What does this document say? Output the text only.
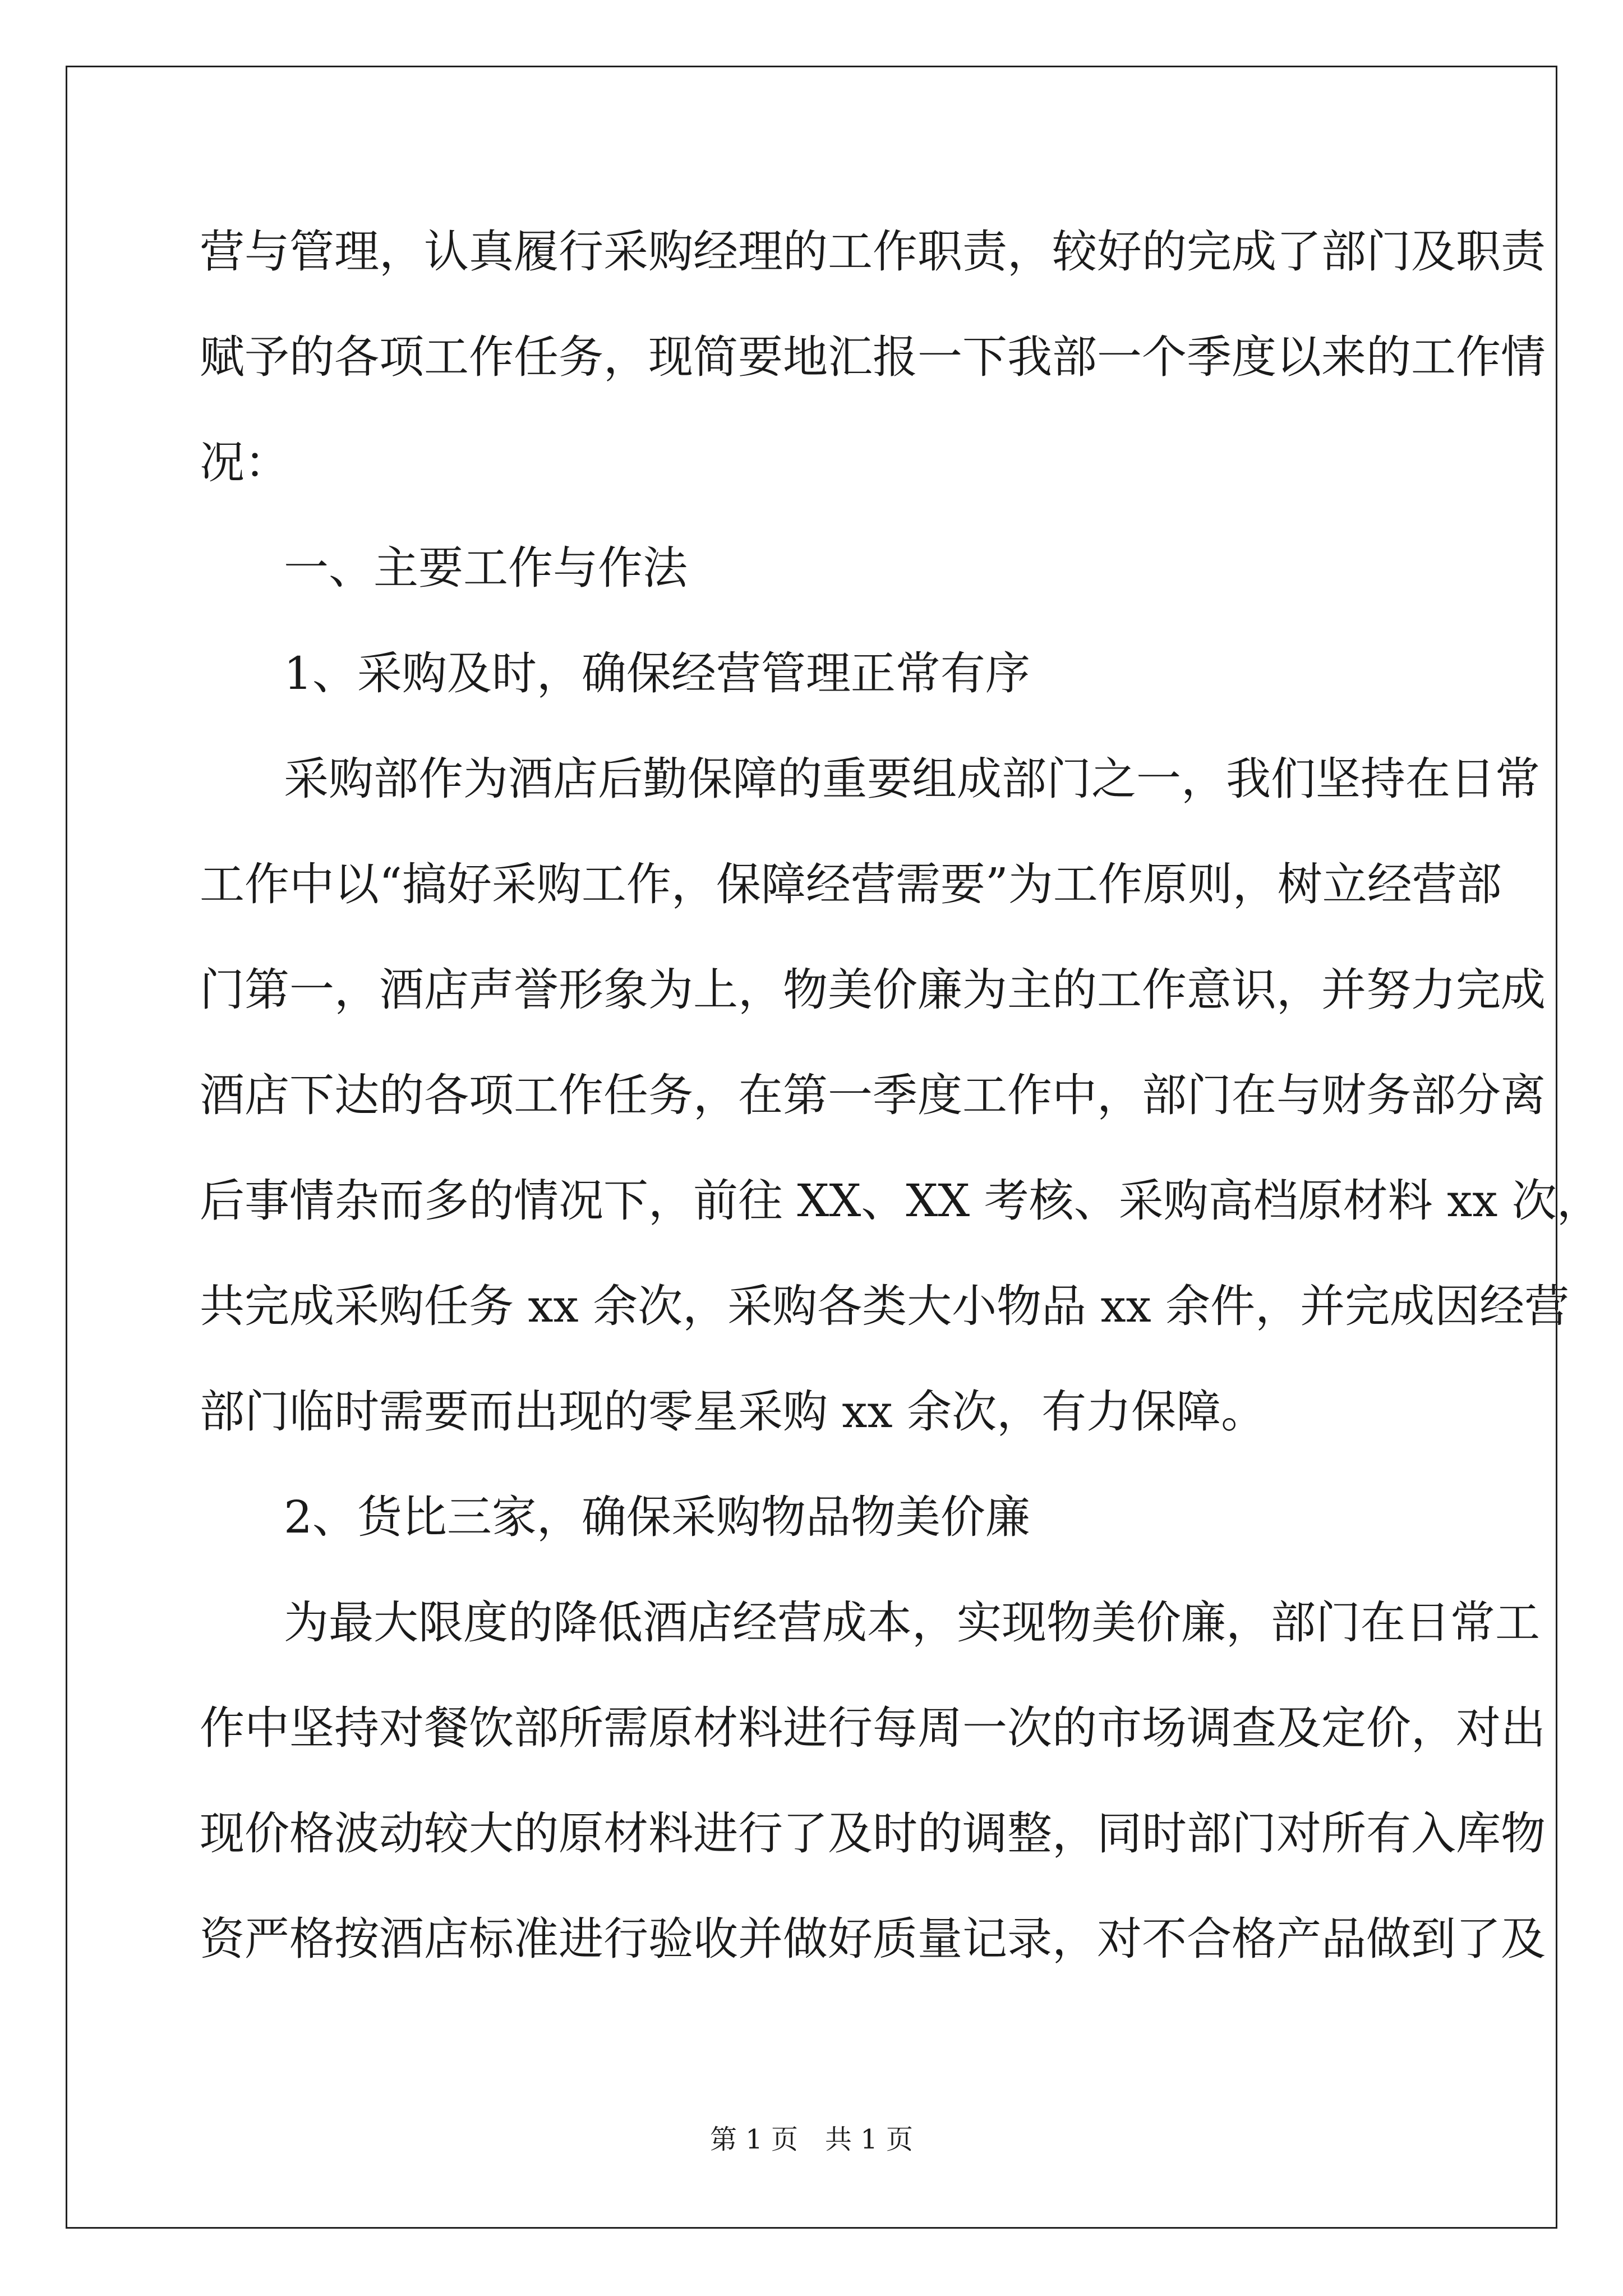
营与管理，认真履行采购经理的工作职责，较好的完成了部门及职责
赋予的各项工作任务，现简要地汇报一下我部一个季度以来的工作情
况：
一、主要工作与作法
1、采购及时，确保经营管理正常有序
采购部作为酒店后勤保障的重要组成部门之一，我们坚持在日常
工作中以“搞好采购工作，保障经营需要”为工作原则，树立经营部
门第一，酒店声誉形象为上，物美价廉为主的工作意识，并努力完成
酒店下达的各项工作任务，在第一季度工作中，部门在与财务部分离
后事情杂而多的情况下，前往 XX、XX 考核、采购高档原材料 xx 次，
共完成采购任务 xx 余次，采购各类大小物品 xx 余件，并完成因经营
部门临时需要而出现的零星采购 xx 余次，有力保障。
2、货比三家，确保采购物品物美价廉
为最大限度的降低酒店经营成本，实现物美价廉，部门在日常工
作中坚持对餐饮部所需原材料进行每周一次的市场调查及定价，对出
现价格波动较大的原材料进行了及时的调整，同时部门对所有入库物
资严格按酒店标准进行验收并做好质量记录，对不合格产品做到了及
第 1 页　共 1 页
